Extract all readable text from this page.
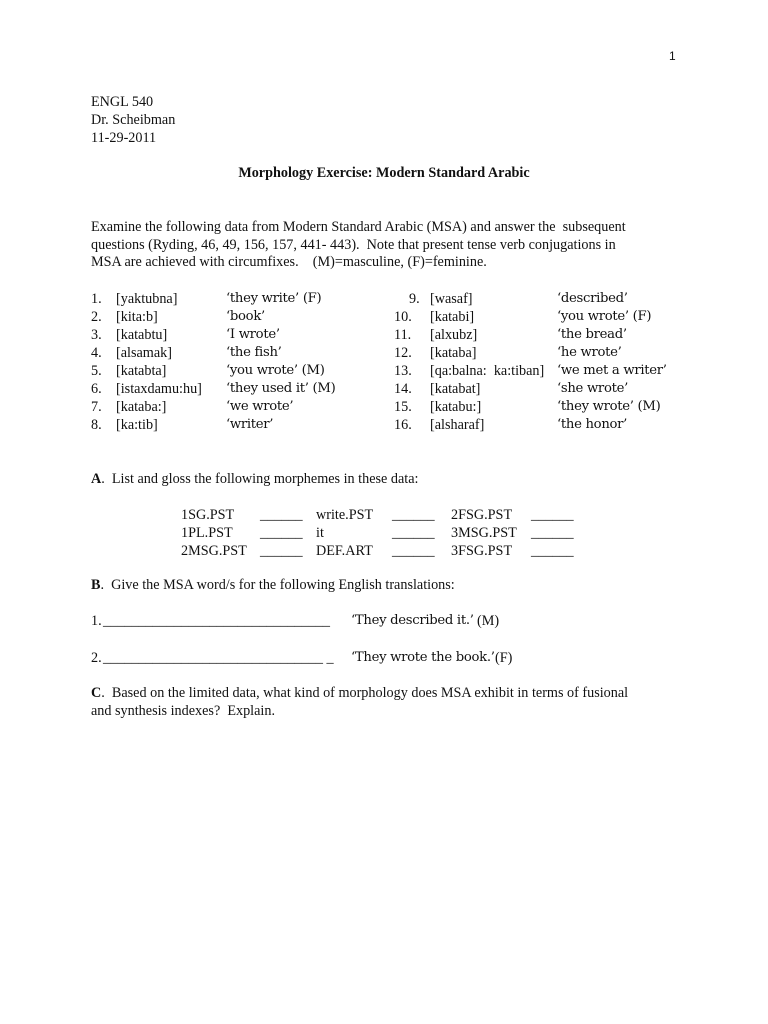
1
ENGL 540
Dr. Scheibman
11-29-2011
Morphology Exercise: Modern Standard Arabic
Examine the following data from Modern Standard Arabic (MSA) and answer the  subsequent
questions (Ryding, 46, 49, 156, 157, 441- 443).  Note that present tense verb conjugations in
MSA are achieved with circumfixes.    (M)=masculine, (F)=feminine.
1. [yaktubna]	‘they write’ (F)	9. [wasaf]	‘described’
2. [kita:b]	‘book’	10. [katabi]	‘you wrote’ (F)
3. [katabtu]	‘I wrote’	11. [alxubz]	‘the bread’
4. [alsamak]	‘the fish’	12. [kataba]	‘he wrote’
5. [katabta]	‘you wrote’ (M)	13. [qa:balna:  ka:tiban] ‘we met a writer’
6. [istaxdamu:hu] ‘they used it’ (M)	14. [katabat]	‘she wrote’
7. [kataba:]	‘we wrote’	15. [katabu:]	‘they wrote’ (M)
8. [ka:tib]	‘writer’	16. [alsharaf]	‘the honor’
A.  List and gloss the following morphemes in these data:
1SG.PST ______ write.PST ______ 2FSG.PST ______
1PL.PST ______ it	______ 3MSG.PST ______
2MSG.PST ______ DEF.ART ______ 3FSG.PST ______
B.  Give the MSA word/s for the following English translations:
1. ________________________________ ‘They described it.’ (M)
2. _______________________________ _ ‘They wrote the book.’ (F)
C.  Based on the limited data, what kind of morphology does MSA exhibit in terms of fusional
and synthesis indexes?  Explain.
